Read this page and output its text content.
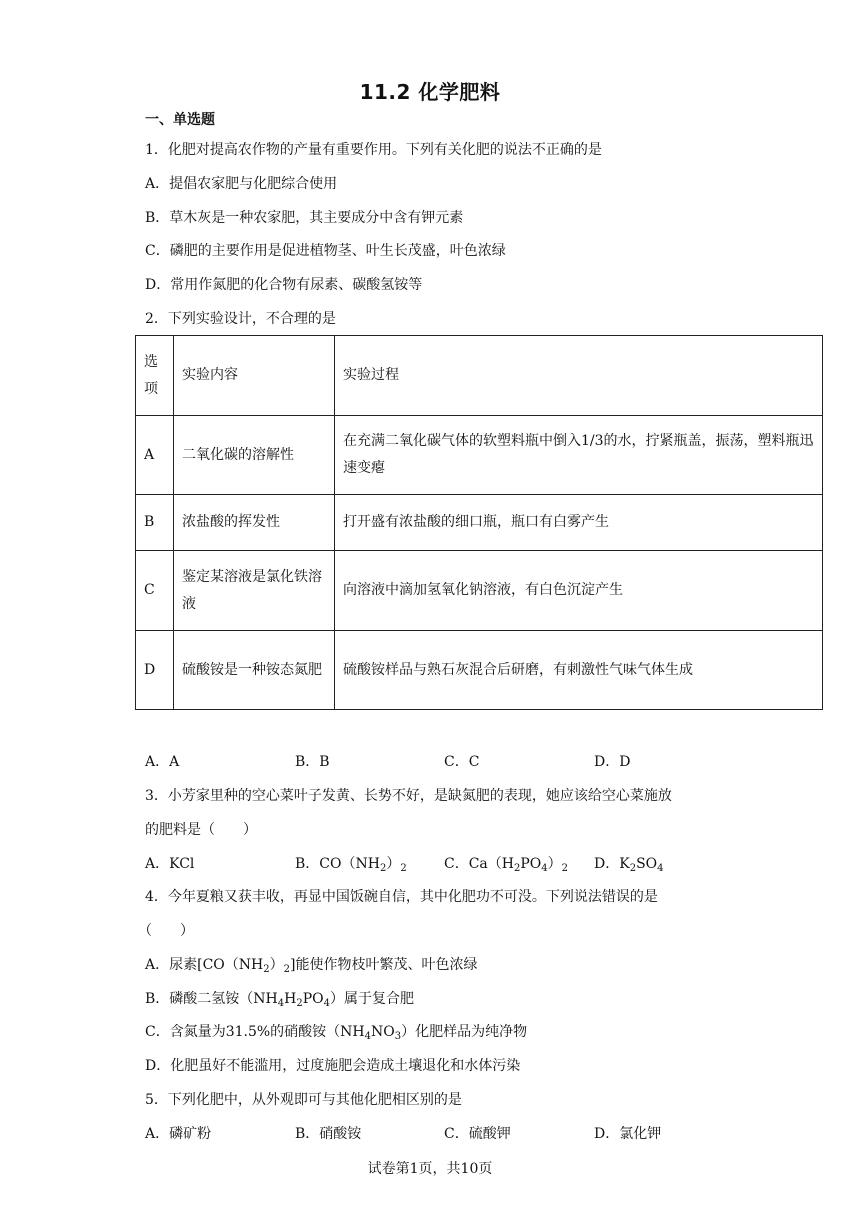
11.2 化学肥料
一、单选题
1．化肥对提高农作物的产量有重要作用。下列有关化肥的说法不正确的是
A．提倡农家肥与化肥综合使用
B．草木灰是一种农家肥，其主要成分中含有钾元素
C．磷肥的主要作用是促进植物茎、叶生长茂盛，叶色浓绿
D．常用作氮肥的化合物有尿素、碳酸氢铵等
2．下列实验设计，不合理的是
选项	实验内容	实验过程
A	二氧化碳的溶解性	在充满二氧化碳气体的软塑料瓶中倒入1/3的水，拧紧瓶盖，振荡，塑料瓶迅速变瘪
B	浓盐酸的挥发性	打开盛有浓盐酸的细口瓶，瓶口有白雾产生
C	鉴定某溶液是氯化铁溶液	向溶液中滴加氢氧化钠溶液，有白色沉淀产生
D	硫酸铵是一种铵态氮肥	硫酸铵样品与熟石灰混合后研磨，有刺激性气味气体生成
A．A	B．B	C．C	D．D
3．小芳家里种的空心菜叶子发黄、长势不好，是缺氮肥的表现，她应该给空心菜施放
的肥料是（　　）
A．KCl	B．$CO(NH_2)_2$	C．$Ca(H_2PO_4)_2$ D．$K_2SO_4$
4．今年夏粮又获丰收，再显中国饭碗自信，其中化肥功不可没。下列说法错误的是
（　　）
A．尿素$[CO(NH_2)_2]$能使作物枝叶繁茂、叶色浓绿
B．磷酸二氢铵$(NH_4H_2PO_4)$属于复合肥
C．含氮量为31.5%的硝酸铵$(NH_4NO_3)$化肥样品为纯净物
D．化肥虽好不能滥用，过度施肥会造成土壤退化和水体污染
5．下列化肥中，从外观即可与其他化肥相区别的是
A．磷矿粉	B．硝酸铵	C．硫酸钾	D．氯化钾
试卷第1页，共10页
